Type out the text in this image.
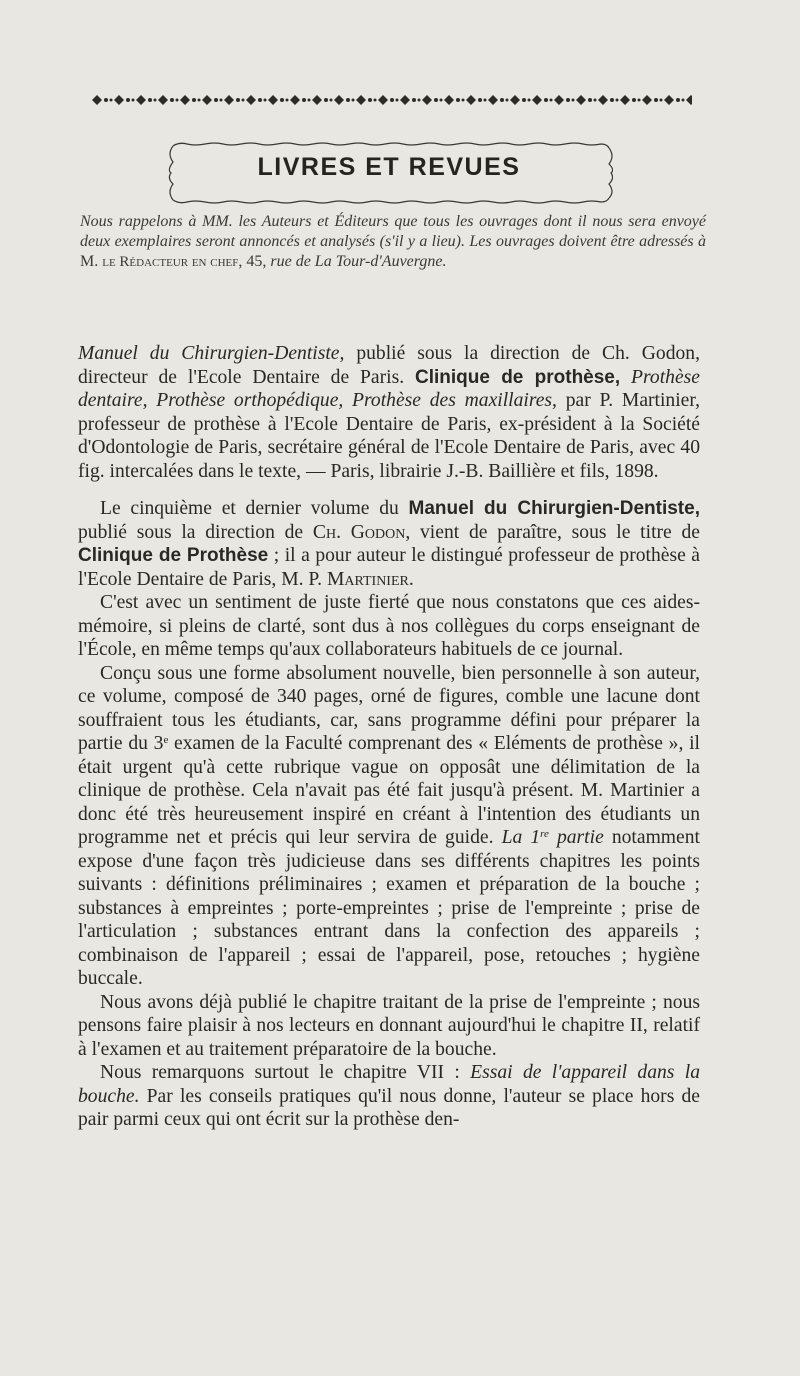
LIVRES ET REVUES
Nous rappelons à MM. les Auteurs et Éditeurs que tous les ouvrages dont il nous sera envoyé deux exemplaires seront annoncés et analysés (s'il y a lieu). Les ouvrages doivent être adressés à M. le Rédacteur en chef, 45, rue de La Tour-d'Auvergne.

Manuel du Chirurgien-Dentiste, publié sous la direction de Ch. Godon, directeur de l'Ecole Dentaire de Paris. Clinique de prothèse, Prothèse dentaire, Prothèse orthopédique, Prothèse des maxillaires, par P. Martinier, professeur de prothèse à l'Ecole Dentaire de Paris, ex-président à la Société d'Odontologie de Paris, secrétaire général de l'Ecole Dentaire de Paris, avec 40 fig. intercalées dans le texte, — Paris, librairie J.-B. Baillière et fils, 1898.

Le cinquième et dernier volume du Manuel du Chirurgien-Dentiste, publié sous la direction de Ch. Godon, vient de paraître, sous le titre de Clinique de Prothèse ; il a pour auteur le distingué professeur de prothèse à l'Ecole Dentaire de Paris, M. P. Martinier.

C'est avec un sentiment de juste fierté que nous constatons que ces aides-mémoire, si pleins de clarté, sont dus à nos collègues du corps enseignant de l'École, en même temps qu'aux collaborateurs habituels de ce journal.

Conçu sous une forme absolument nouvelle, bien personnelle à son auteur, ce volume, composé de 340 pages, orné de figures, comble une lacune dont souffraient tous les étudiants, car, sans programme défini pour préparer la partie du 3e examen de la Faculté comprenant des « Eléments de prothèse », il était urgent qu'à cette rubrique vague on opposât une délimitation de la clinique de prothèse. Cela n'avait pas été fait jusqu'à présent. M. Martinier a donc été très heureusement inspiré en créant à l'intention des étudiants un programme net et précis qui leur servira de guide. La 1re partie notamment expose d'une façon très judicieuse dans ses différents chapitres les points suivants : définitions préliminaires ; examen et préparation de la bouche ; substances à empreintes ; porte-empreintes ; prise de l'empreinte ; prise de l'articulation ; substances entrant dans la confection des appareils ; combinaison de l'appareil ; essai de l'appareil, pose, retouches ; hygiène buccale.

Nous avons déjà publié le chapitre traitant de la prise de l'empreinte ; nous pensons faire plaisir à nos lecteurs en donnant aujourd'hui le chapitre II, relatif à l'examen et au traitement préparatoire de la bouche.

Nous remarquons surtout le chapitre VII : Essai de l'appareil dans la bouche. Par les conseils pratiques qu'il nous donne, l'auteur se place hors de pair parmi ceux qui ont écrit sur la prothèse den-
